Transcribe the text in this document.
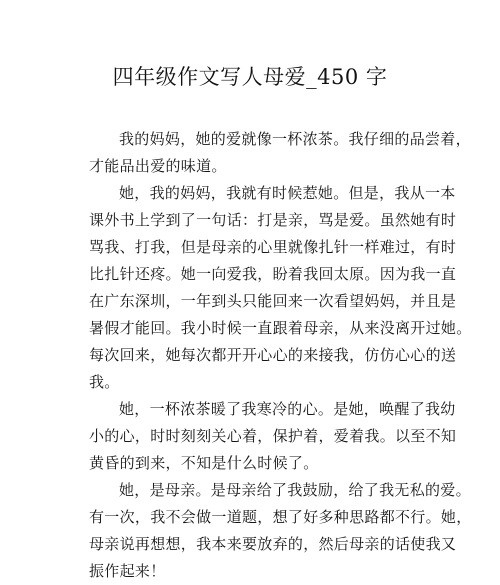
四年级作文写人母爱_450 字
我的妈妈，她的爱就像一杯浓茶。我仔细的品尝着，
才能品出爱的味道。
她，我的妈妈，我就有时候惹她。但是，我从一本
课外书上学到了一句话：打是亲，骂是爱。虽然她有时
骂我、打我，但是母亲的心里就像扎针一样难过，有时
比扎针还疼。她一向爱我，盼着我回太原。因为我一直
在广东深圳，一年到头只能回来一次看望妈妈，并且是
暑假才能回。我小时候一直跟着母亲，从来没离开过她。
每次回来，她每次都开开心心的来接我，仿仿心心的送
我。
她，一杯浓茶暖了我寒冷的心。是她，唤醒了我幼
小的心，时时刻刻关心着，保护着，爱着我。以至不知
黄昏的到来，不知是什么时候了。
她，是母亲。是母亲给了我鼓励，给了我无私的爱。
有一次，我不会做一道题，想了好多种思路都不行。她，
母亲说再想想，我本来要放弃的，然后母亲的话使我又
振作起来！
